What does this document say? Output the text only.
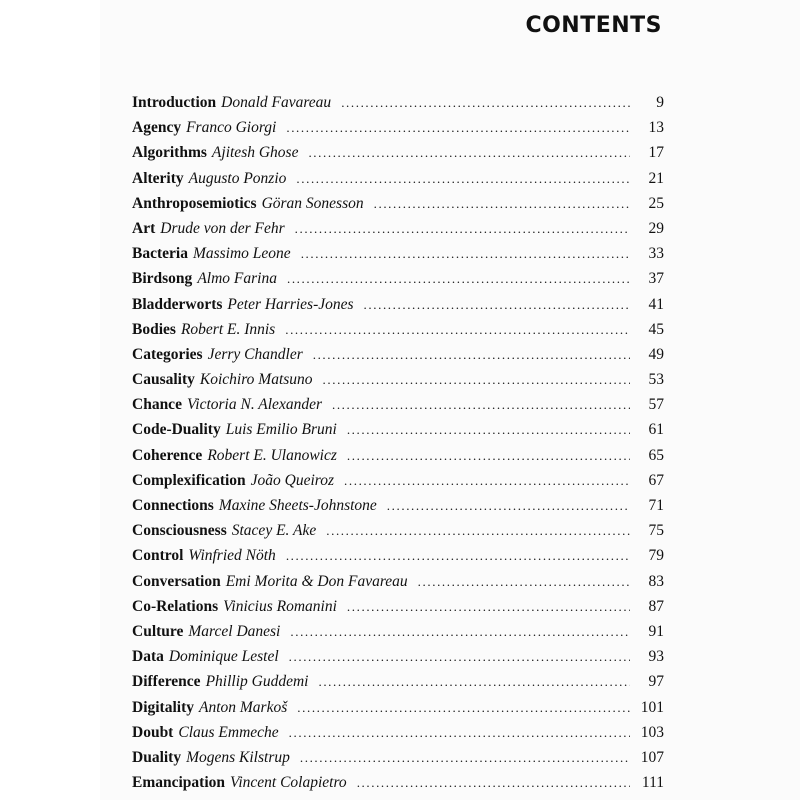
CONTENTS
Introduction Donald Favareau .....	9
Agency Franco Giorgi .....	13
Algorithms Ajitesh Ghose .....	17
Alterity Augusto Ponzio .....	21
Anthroposemiotics Göran Sonesson .....	25
Art Drude von der Fehr .....	29
Bacteria Massimo Leone .....	33
Birdsong Almo Farina .....	37
Bladderworts Peter Harries-Jones .....	41
Bodies Robert E. Innis .....	45
Categories Jerry Chandler .....	49
Causality Koichiro Matsuno .....	53
Chance Victoria N. Alexander .....	57
Code-Duality Luis Emilio Bruni .....	61
Coherence Robert E. Ulanowicz .....	65
Complexification João Queiroz .....	67
Connections Maxine Sheets-Johnstone .....	71
Consciousness Stacey E. Ake .....	75
Control Winfried Nöth .....	79
Conversation Emi Morita & Don Favareau .....	83
Co-Relations Vinicius Romanini .....	87
Culture Marcel Danesi .....	91
Data Dominique Lestel .....	93
Difference Phillip Guddemi .....	97
Digitality Anton Markoš .....	101
Doubt Claus Emmeche .....	103
Duality Mogens Kilstrup .....	107
Emancipation Vincent Colapietro .....	111
